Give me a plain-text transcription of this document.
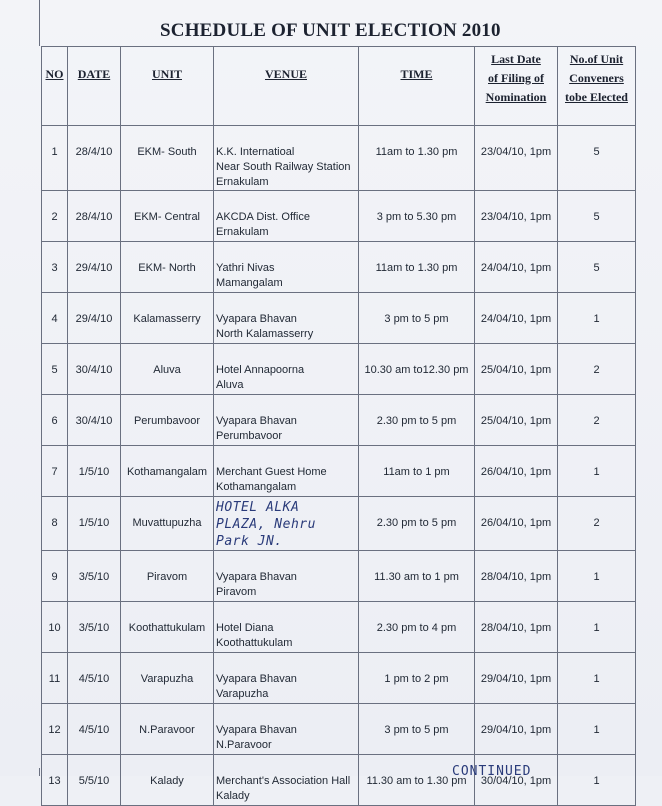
SCHEDULE OF UNIT ELECTION 2010
NO	DATE	UNIT	VENUE	TIME	Last Date
of Filing of
Nomination	No.of Unit
Conveners
tobe Elected

1	28/4/10	EKM- South	K.K. Internatioal
Near South Railway Station
Ernakulam	11am to 1.30 pm	23/04/10, 1pm	5
2	28/4/10	EKM- Central	AKCDA Dist. Office
Ernakulam	3 pm to 5.30 pm	23/04/10, 1pm	5
3	29/4/10	EKM- North	Yathri Nivas
Mamangalam	11am to 1.30 pm	24/04/10, 1pm	5
4	29/4/10	Kalamasserry	Vyapara Bhavan
North Kalamasserry	3 pm to 5 pm	24/04/10, 1pm	1
5	30/4/10	Aluva	Hotel Annapoorna
Aluva	10.30 am to12.30 pm	25/04/10, 1pm	2
6	30/4/10	Perumbavoor	Vyapara Bhavan
Perumbavoor	2.30 pm to 5 pm	25/04/10, 1pm	2
7	1/5/10	Kothamangalam	Merchant Guest Home
Kothamangalam	11am to 1 pm	26/04/10, 1pm	1
8	1/5/10	Muvattupuzha	HOTEL ALKA
PLAZA, Nehru
Park JN.	2.30 pm to 5 pm	26/04/10, 1pm	2
9	3/5/10	Piravom	Vyapara Bhavan
Piravom	11.30 am to 1 pm	28/04/10, 1pm	1
10	3/5/10	Koothattukulam	Hotel Diana
Koothattukulam	2.30 pm to 4 pm	28/04/10, 1pm	1
11	4/5/10	Varapuzha	Vyapara Bhavan
Varapuzha	1 pm to 2 pm	29/04/10, 1pm	1
12	4/5/10	N.Paravoor	Vyapara Bhavan
N.Paravoor	3 pm to 5 pm	29/04/10, 1pm	1
13	5/5/10	Kalady	Merchant's Association Hall
Kalady	11.30 am to 1.30 pm	30/04/10, 1pm	1
CONTINUED
